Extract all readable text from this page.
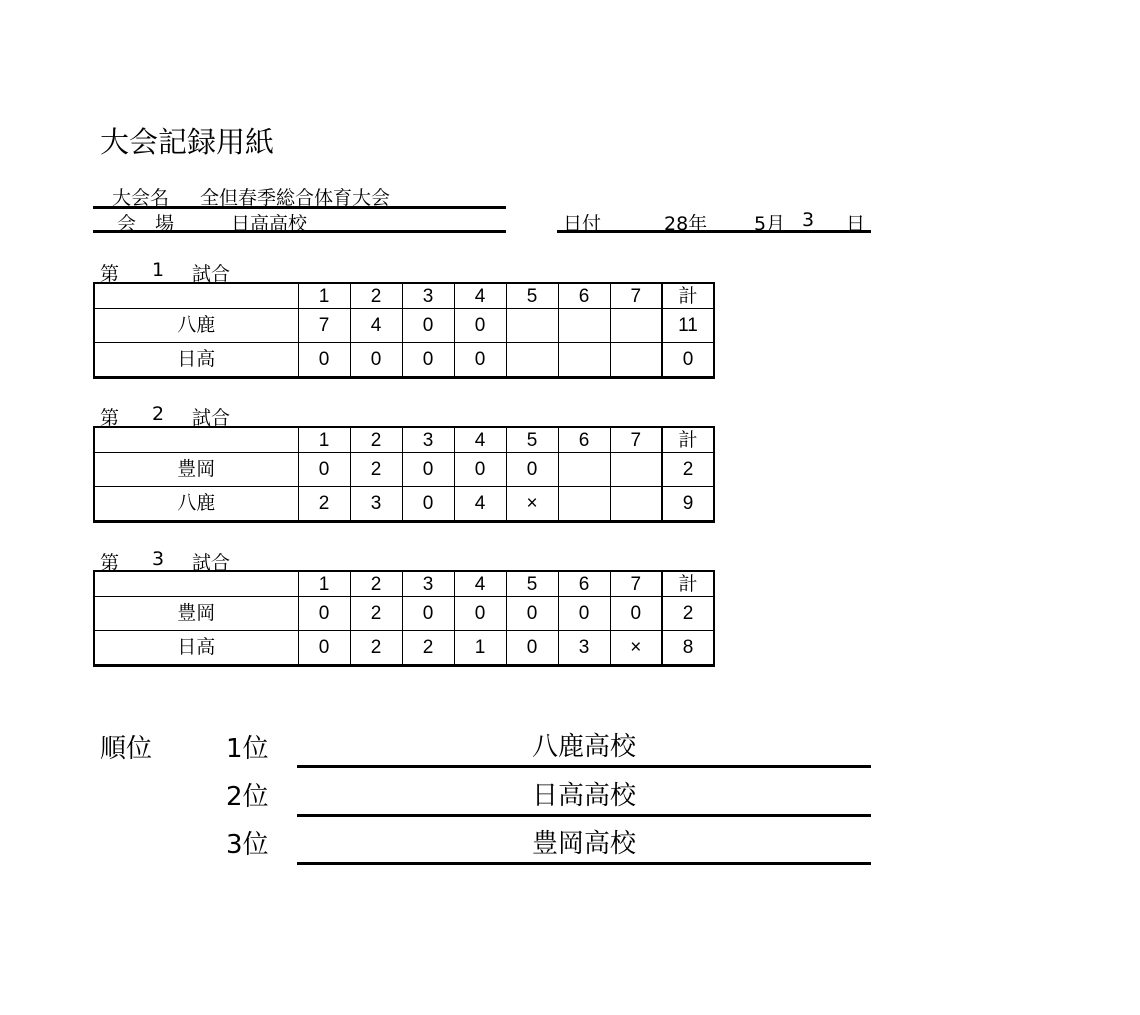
大会記録用紙
大会名 全但春季総合体育大会
会　場	日高高校	日付	28年 5月 3 日
第 1 試合
第 2 試合
第 3 試合
	1	2	3	4	5	6	7	計
八鹿	7	4	0	0				11
日高	0	0	0	0				0
	1	2	3	4	5	6	7	計
豊岡	0	2	0	0	0			2
八鹿	2	3	0	4	×			9
	1	2	3	4	5	6	7	計
豊岡	0	2	0	0	0	0	0	2
日高	0	2	2	1	0	3	×	8
順位	1位	八鹿高校
2位	日高高校
3位	豊岡高校
